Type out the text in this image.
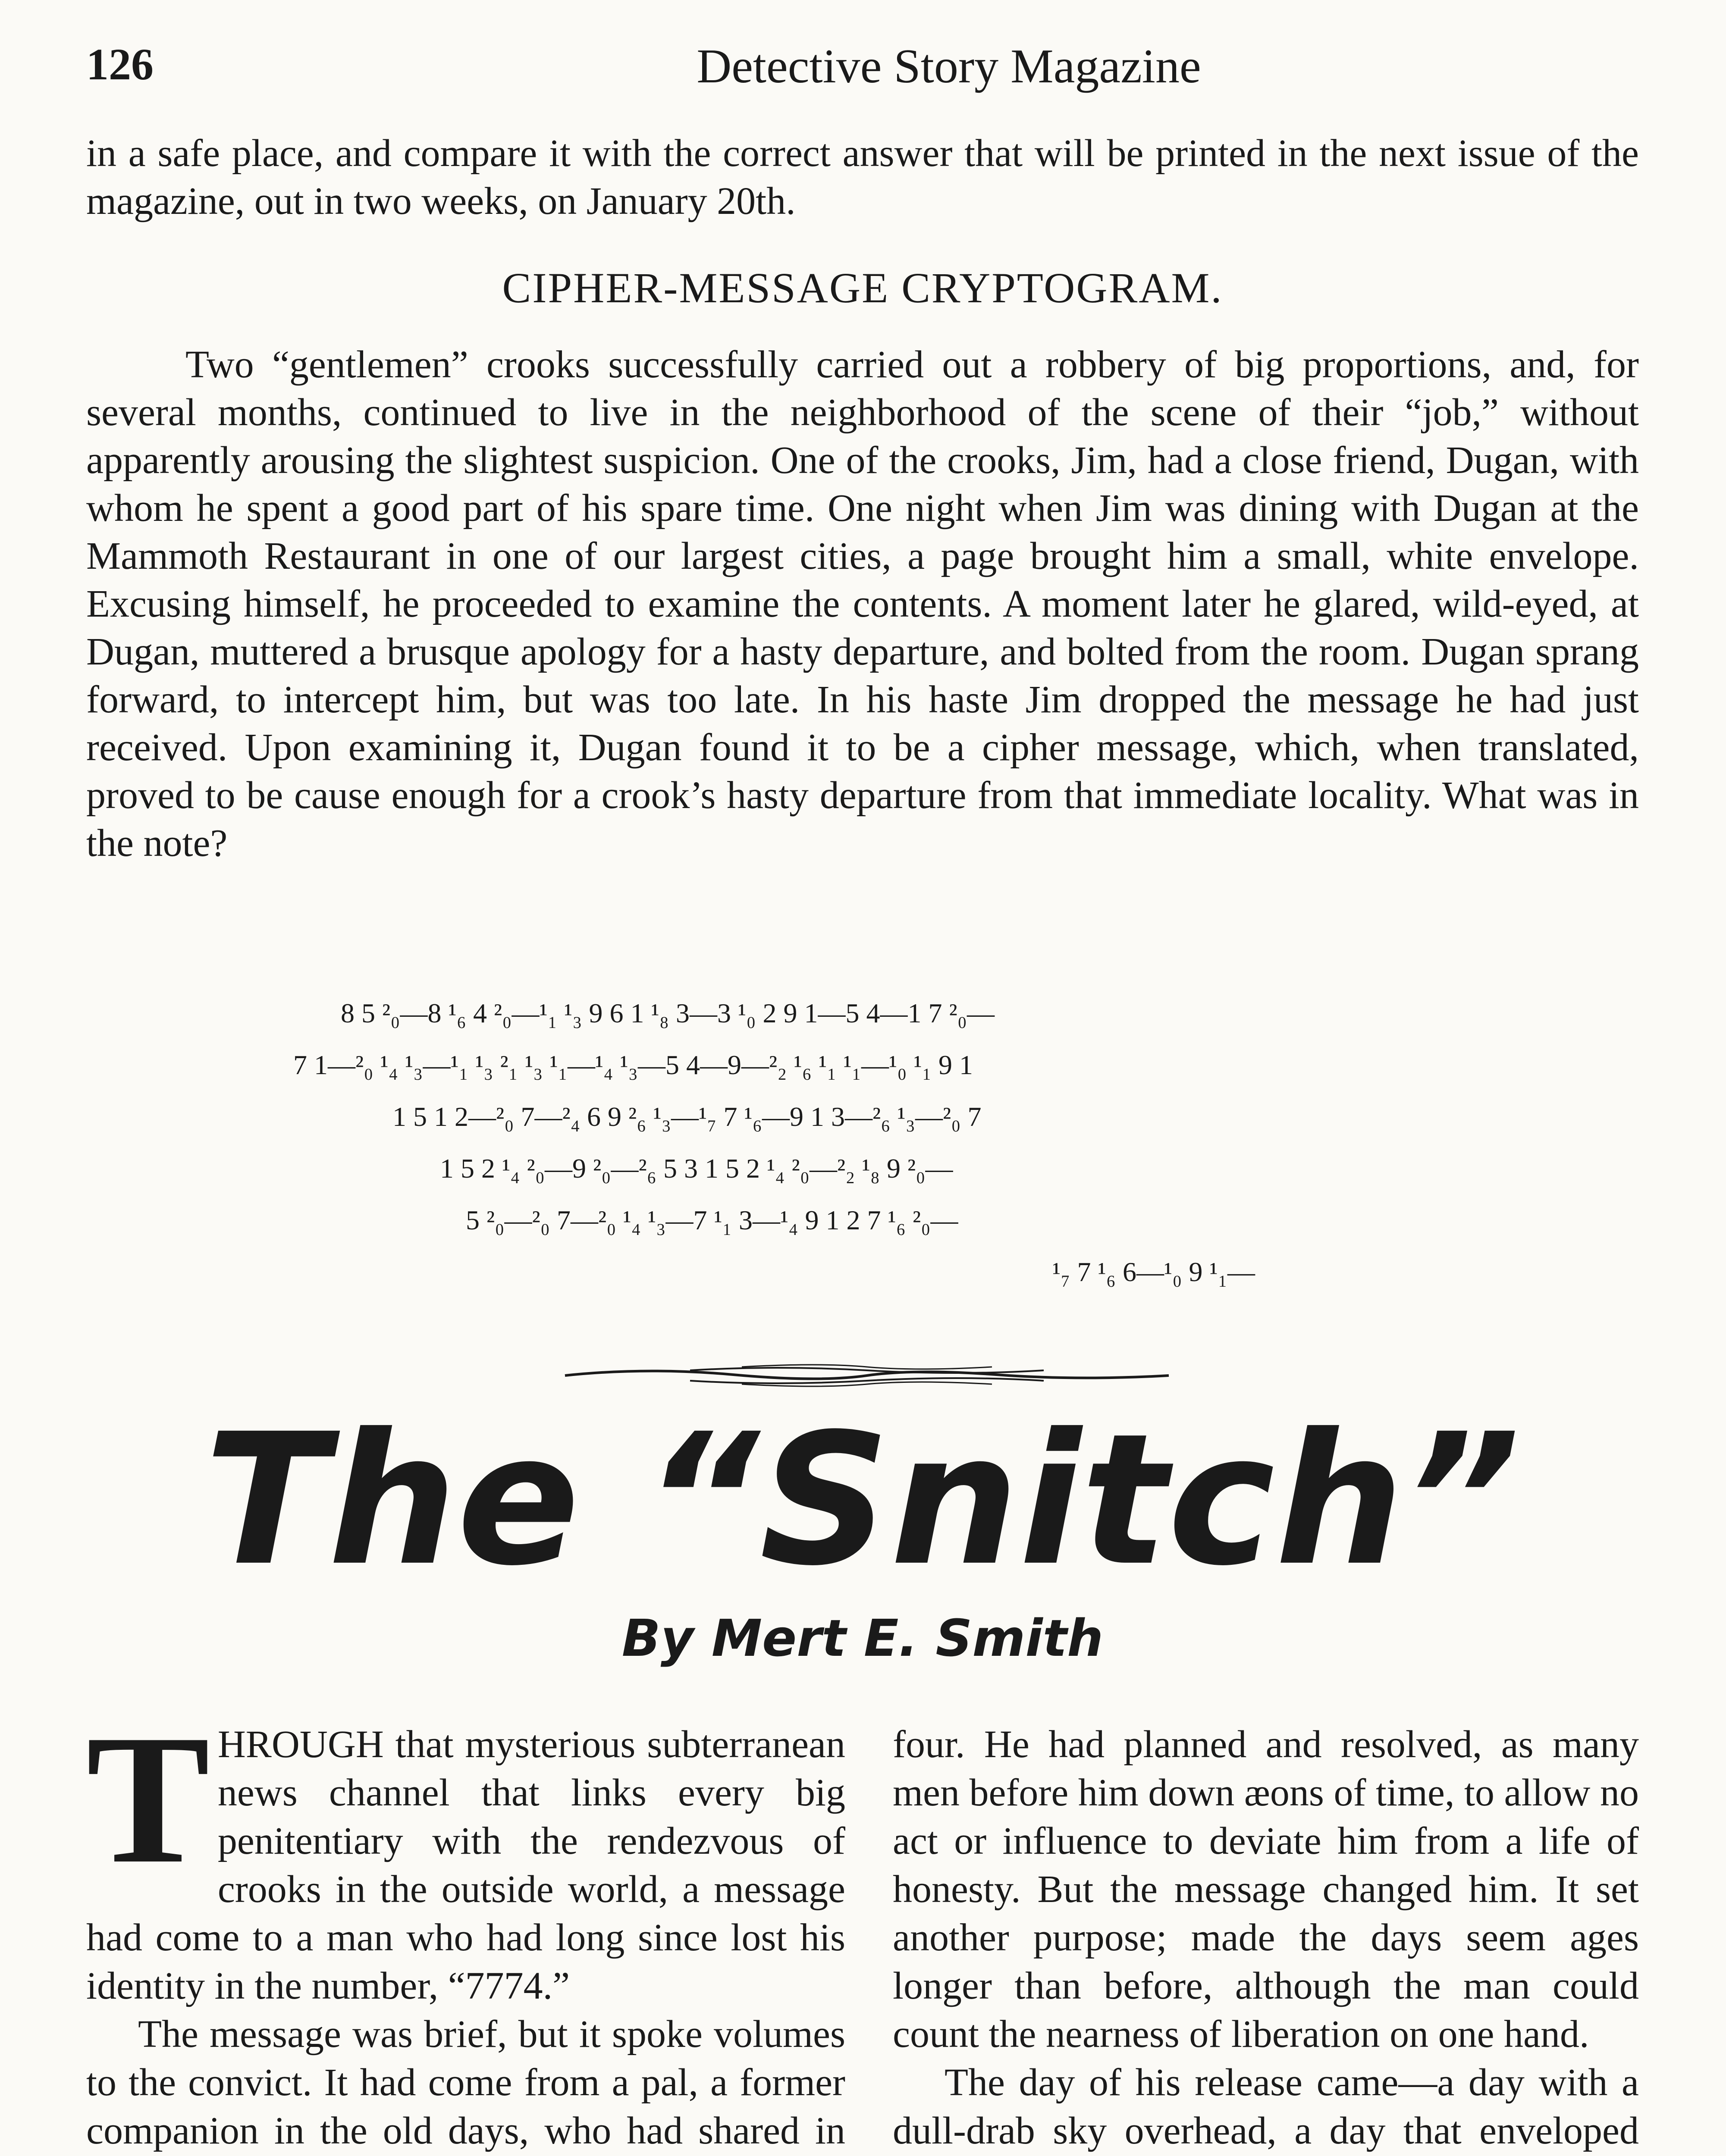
126	Detective Story Magazine
in a safe place, and compare it with the correct answer that will be printed in the next issue of the magazine, out in two weeks, on January 20th.
CIPHER-MESSAGE CRYPTOGRAM.
Two “gentlemen” crooks successfully carried out a robbery of big proportions, and, for several months, continued to live in the neighborhood of the scene of their “job,” without apparently arousing the slightest suspicion. One of the crooks, Jim, had a close friend, Dugan, with whom he spent a good part of his spare time. One night when Jim was dining with Dugan at the Mammoth Restaurant in one of our largest cities, a page brought him a small, white envelope. Excusing himself, he proceeded to examine the contents. A moment later he glared, wild-eyed, at Dugan, muttered a brusque apology for a hasty departure, and bolted from the room. Dugan sprang forward, to intercept him, but was too late. In his haste Jim dropped the message he had just received. Upon examining it, Dugan found it to be a cipher message, which, when translated, proved to be cause enough for a crook’s hasty departure from that immediate locality. What was in the note?
8 5 ²₀—8 ¹₆ 4 ²₀—¹₁ ¹₃ 9 6 1 ¹₈ 3—3 ¹₀ 2 9 1—5 4—1 7 ²₀—
7 1—²₀ ¹₄ ¹₃—¹₁ ¹₃ ²₁ ¹₃ ¹₁—¹₄ ¹₃—5 4—9—²₂ ¹₆ ¹₁ ¹₁—¹₀ ¹₁ 9 1
1 5 1 2—²₀ 7—²₄ 6 9 ²₆ ¹₃—¹₇ 7 ¹₆—9 1 3—²₆ ¹₃—²₀ 7
1 5 2 ¹₄ ²₀—9 ²₀—²₆ 5 3 1 5 2 ¹₄ ²₀—²₂ ¹₈ 9 ²₀—
5 ²₀—²₀ 7—²₀ ¹₄ ¹₃—7 ¹₁ 3—¹₄ 9 1 2 7 ¹₆ ²₀—
¹₇ 7 ¹₆ 6—¹₀ 9 ¹₁—
The “Snitch”
By Mert E. Smith

THROUGH that mysterious subterranean news channel that links every big penitentiary with the rendezvous of crooks in the outside world, a message had come to a man who had long since lost his identity in the number, “7774.”

The message was brief, but it spoke volumes to the convict. It had come from a pal, a former companion in the old days, who had shared in

four. He had planned and resolved, as many men before him down æons of time, to allow no act or influence to deviate him from a life of honesty. But the message changed him. It set another purpose; made the days seem ages longer than before, although the man could count the nearness of liberation on one hand.

The day of his release came—a day with a dull-drab sky overhead, a day that enveloped
